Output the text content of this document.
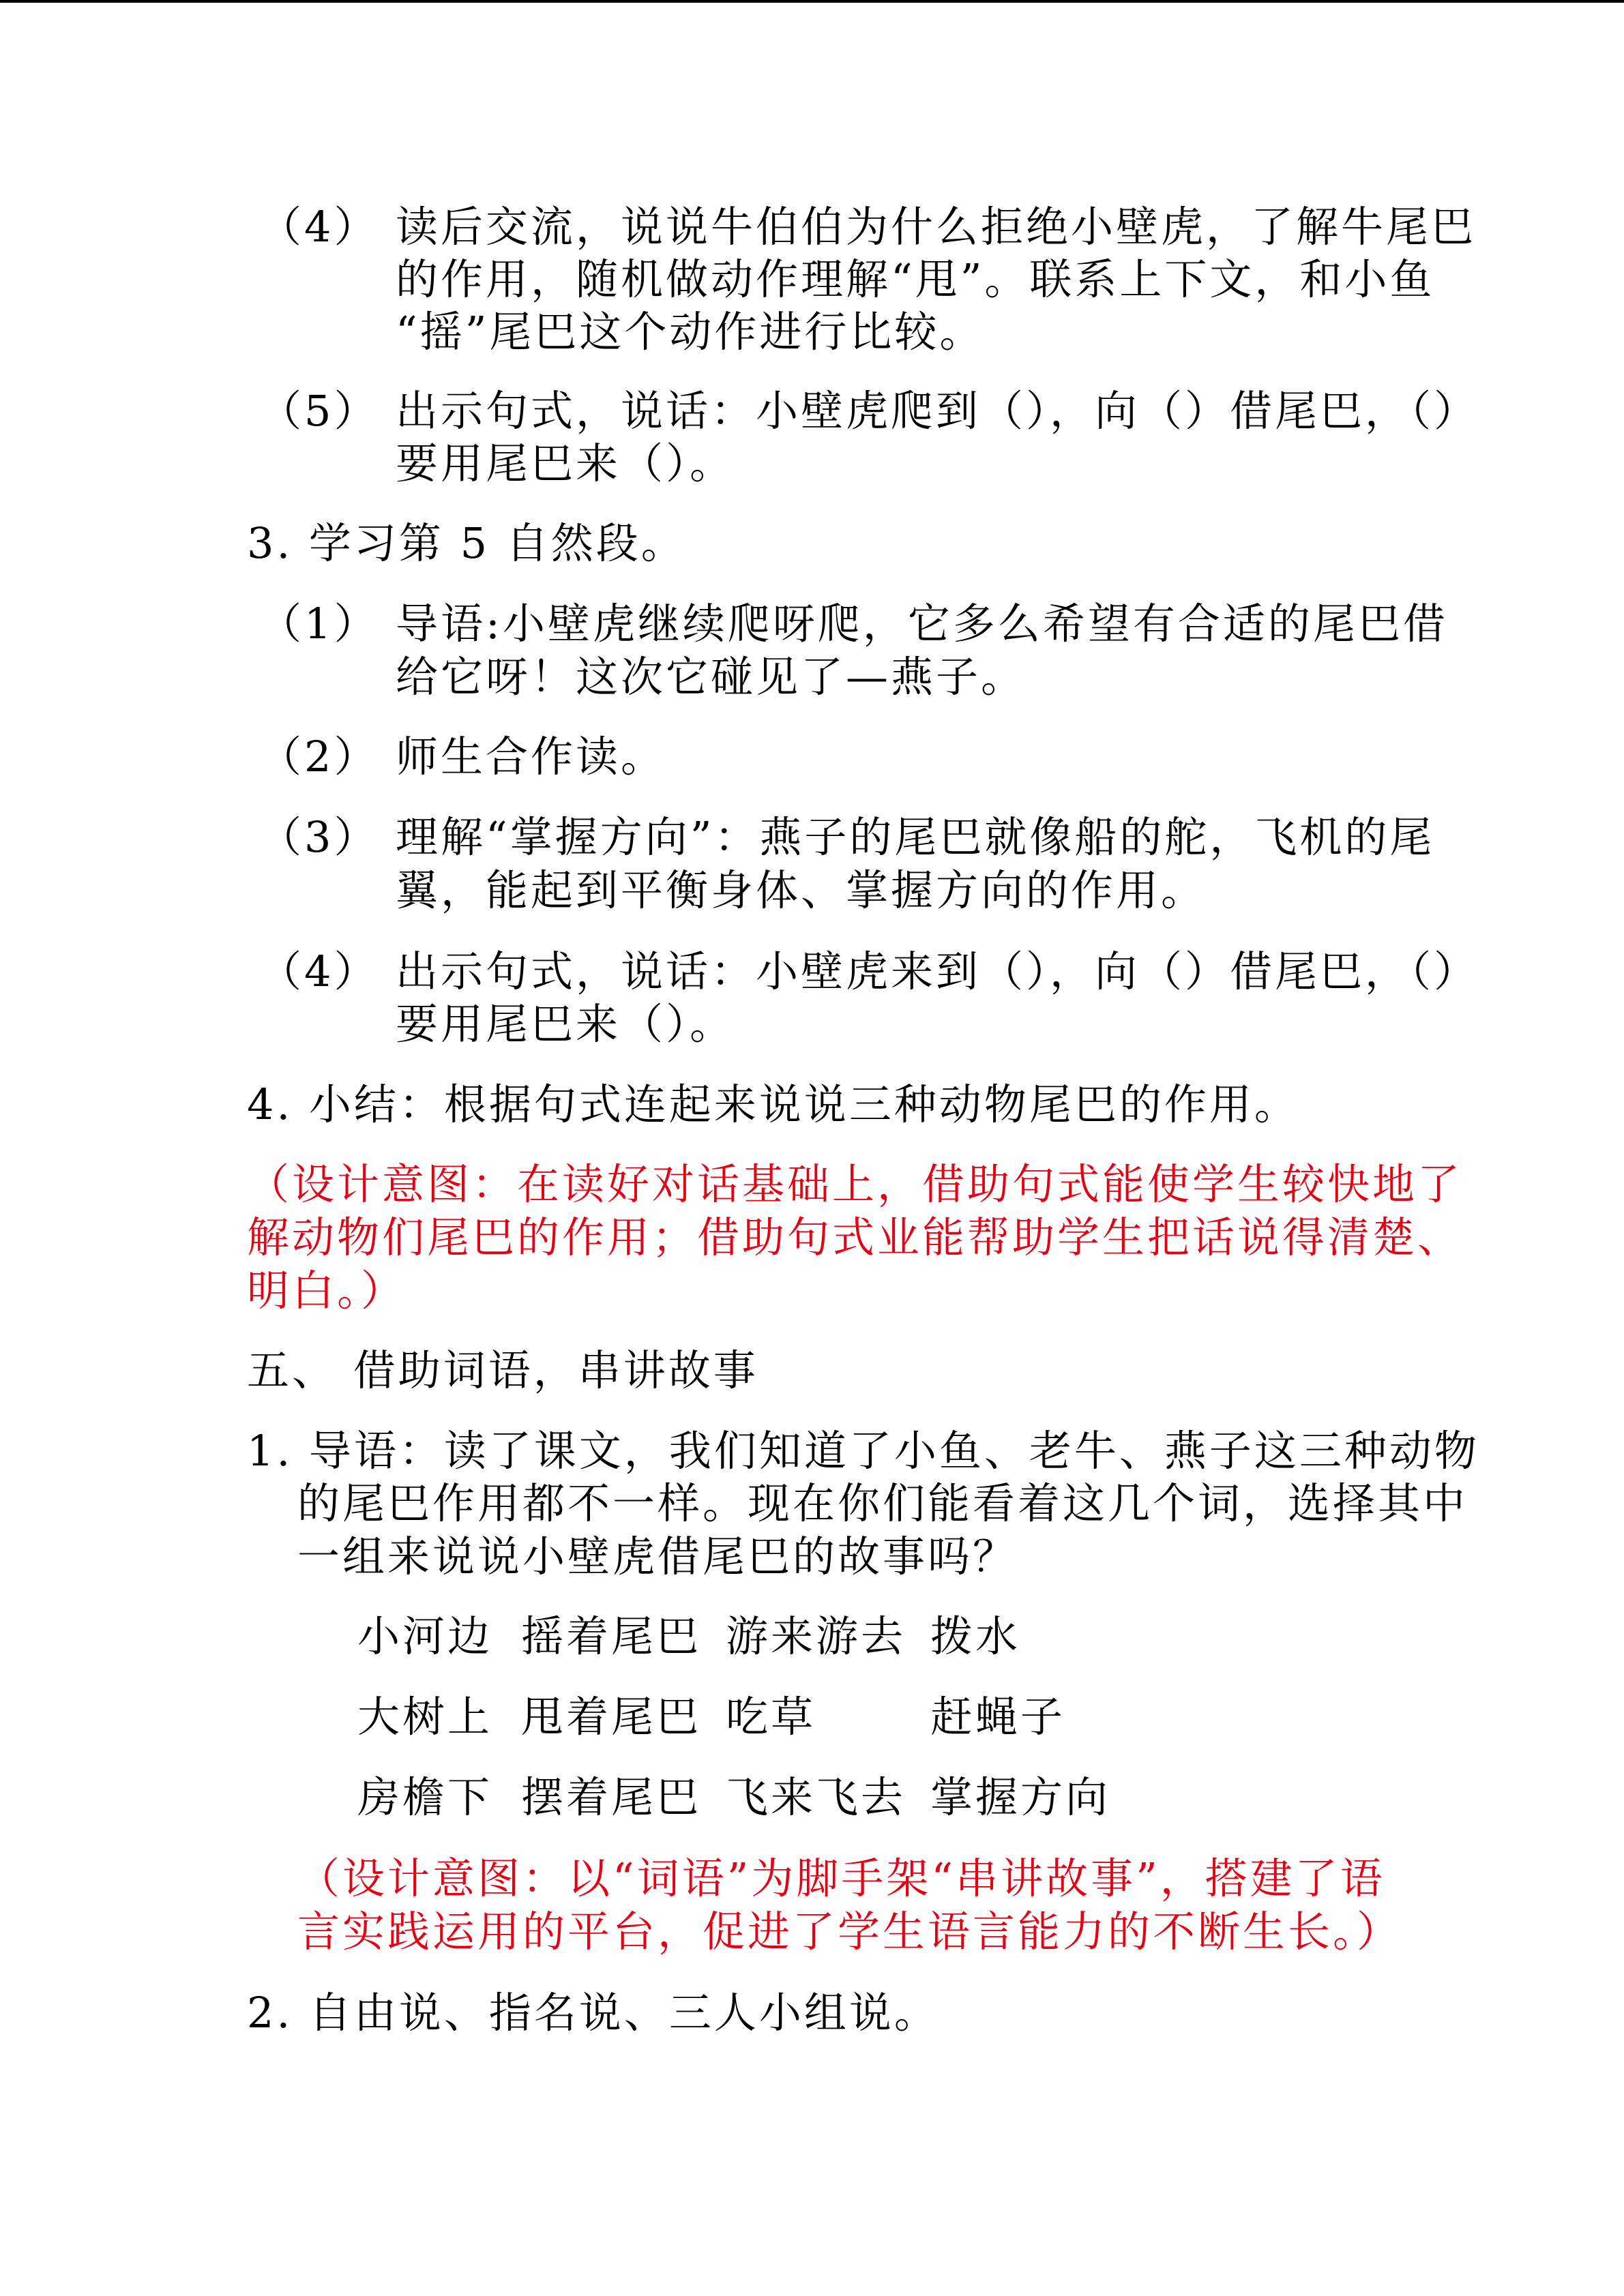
（4） 读后交流，说说牛伯伯为什么拒绝小壁虎，了解牛尾巴
的作用，随机做动作理解“甩”。联系上下文，和小鱼
“摇”尾巴这个动作进行比较。
（5） 出示句式，说话：小壁虎爬到（），向（）借尾巴，（）
要用尾巴来（）。
3. 学习第 5 自然段。
（1） 导语:小壁虎继续爬呀爬，它多么希望有合适的尾巴借
给它呀！这次它碰见了—燕子。
（2） 师生合作读。
（3） 理解“掌握方向”：燕子的尾巴就像船的舵，飞机的尾
翼，能起到平衡身体、掌握方向的作用。
（4） 出示句式，说话：小壁虎来到（），向（）借尾巴，（）
要用尾巴来（）。
4. 小结：根据句式连起来说说三种动物尾巴的作用。
（设计意图：在读好对话基础上，借助句式能使学生较快地了
解动物们尾巴的作用；借助句式业能帮助学生把话说得清楚、
明白。）
五、 借助词语，串讲故事
1. 导语：读了课文，我们知道了小鱼、老牛、燕子这三种动物
的尾巴作用都不一样。现在你们能看着这几个词，选择其中
一组来说说小壁虎借尾巴的故事吗？
小河边 摇着尾巴 游来游去 拨水
大树上 甩着尾巴 吃草	赶蝇子
房檐下 摆着尾巴 飞来飞去 掌握方向
（设计意图：以“词语”为脚手架“串讲故事”，搭建了语
言实践运用的平台，促进了学生语言能力的不断生长。）
2. 自由说、指名说、三人小组说。
